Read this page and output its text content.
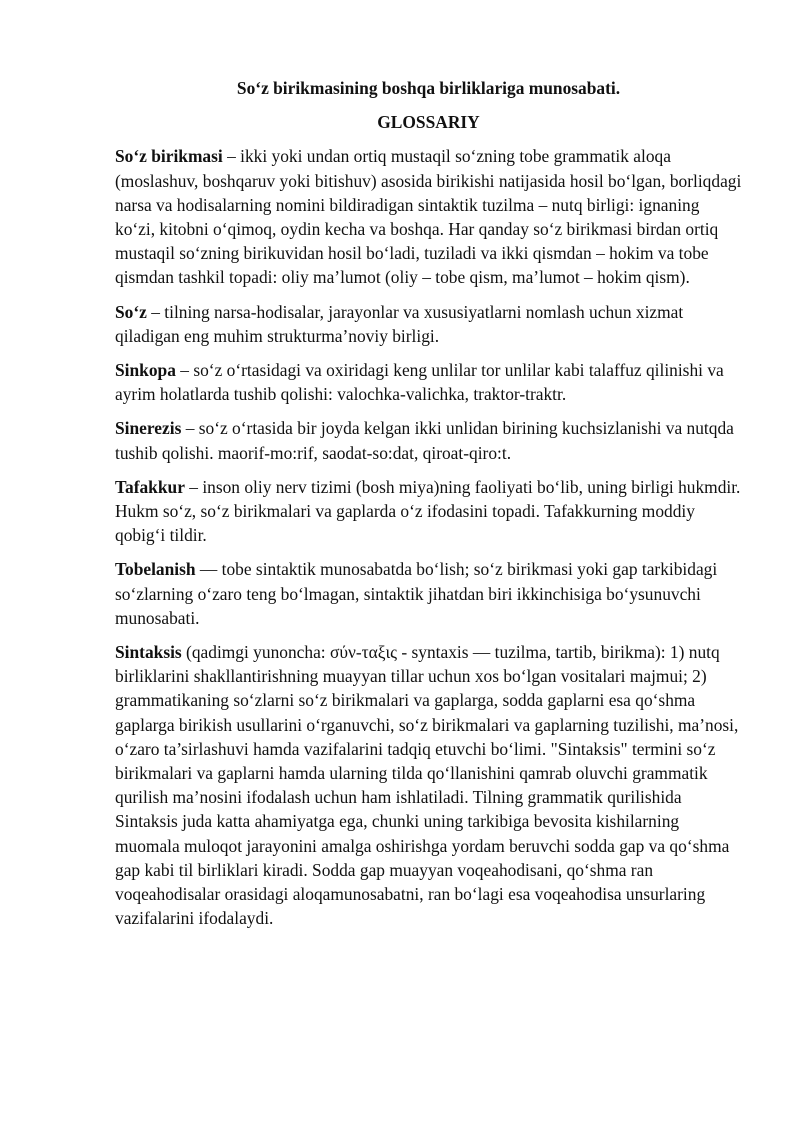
So‘z birikmasining boshqa birliklariga munosabati.
GLOSSARIY

So‘z birikmasi – ikki yoki undan ortiq mustaqil so‘zning tobe grammatik aloqa (moslashuv, boshqaruv yoki bitishuv) asosida birikishi natijasida hosil bo‘lgan, borliqdagi narsa va hodisalarning nomini bildiradigan sintaktik tuzilma – nutq birligi: ignaning ko‘zi, kitobni o‘qimoq, oydin kecha va boshqa. Har qanday so‘z birikmasi birdan ortiq mustaqil so‘zning birikuvidan hosil bo‘ladi, tuziladi va ikki qismdan – hokim va tobe qismdan tashkil topadi: oliy ma’lumot (oliy – tobe qism, ma’lumot – hokim qism).

So‘z – tilning narsa-hodisalar, jarayonlar va xususiyatlarni nomlash uchun xizmat qiladigan eng muhim strukturma’noviy birligi.

Sinkopa – so‘z o‘rtasidagi va oxiridagi keng unlilar tor unlilar kabi talaffuz qilinishi va ayrim holatlarda tushib qolishi: valochka-valichka, traktor-traktr.

Sinerezis – so‘z o‘rtasida bir joyda kelgan ikki unlidan birining kuchsizlanishi va nutqda tushib qolishi. maorif-mo:rif, saodat-so:dat, qiroat-qiro:t.

Tafakkur – inson oliy nerv tizimi (bosh miya)ning faoliyati bo‘lib, uning birligi hukmdir. Hukm so‘z, so‘z birikmalari va gaplarda o‘z ifodasini topadi. Tafakkurning moddiy qobig‘i tildir.

Tobelanish — tobe sintaktik munosabatda bo‘lish; so‘z birikmasi yoki gap tarkibidagi so‘zlarning o‘zaro teng bo‘lmagan, sintaktik jihatdan biri ikkinchisiga bo‘ysunuvchi munosabati.

Sintaksis (qadimgi yunoncha: σύν-ταξις - syntaxis — tuzilma, tartib, birikma): 1) nutq birliklarini shakllantirishning muayyan tillar uchun xos bo‘lgan vositalari majmui; 2) grammatikaning so‘zlarni so‘z birikmalari va gaplarga, sodda gaplarni esa qo‘shma gaplarga birikish usullarini o‘rganuvchi, so‘z birikmalari va gaplarning tuzilishi, ma’nosi, o‘zaro ta’sirlashuvi hamda vazifalarini tadqiq etuvchi bo‘limi. "Sintaksis" termini so‘z birikmalari va gaplarni hamda ularning tilda qo‘llanishini qamrab oluvchi grammatik qurilish ma’nosini ifodalash uchun ham ishlatiladi. Tilning grammatik qurilishida Sintaksis juda katta ahamiyatga ega, chunki uning tarkibiga bevosita kishilarning muomala muloqot jarayonini amalga oshirishga yordam beruvchi sodda gap va qo‘shma gap kabi til birliklari kiradi. Sodda gap muayyan voqeahodisani, qo‘shma ran voqeahodisalar orasidagi aloqamunosabatni, ran bo‘lagi esa voqeahodisa unsurlaring vazifalarini ifodalaydi.
